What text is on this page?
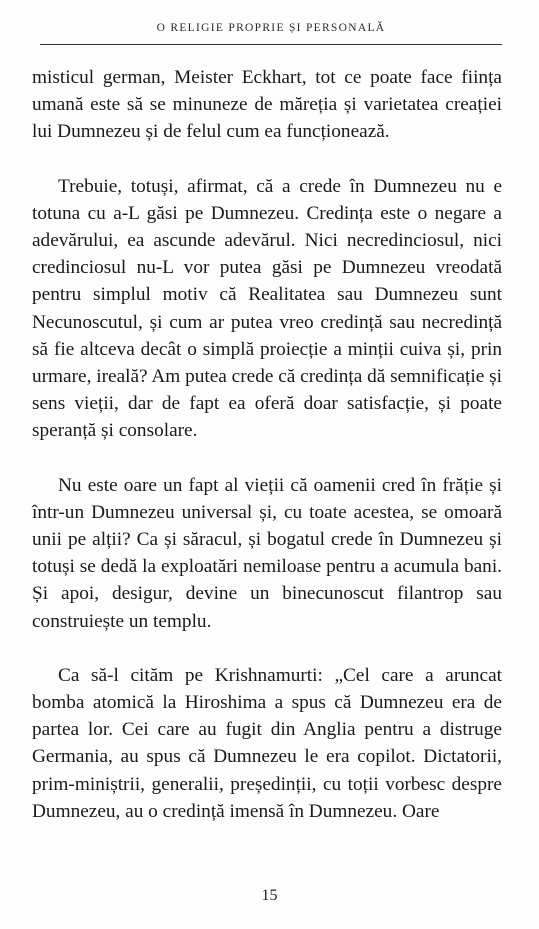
O RELIGIE PROPRIE ȘI PERSONALĂ

misticul german, Meister Eckhart, tot ce poate face ființa umană este să se minuneze de măreția și varietatea creației lui Dumnezeu și de felul cum ea funcționează.

Trebuie, totuși, afirmat, că a crede în Dumnezeu nu e totuna cu a-L găsi pe Dumnezeu. Credința este o negare a adevărului, ea ascunde adevărul. Nici necredinciosul, nici credinciosul nu-L vor putea găsi pe Dumnezeu vreodată pentru simplul motiv că Realitatea sau Dumnezeu sunt Necunoscutul, și cum ar putea vreo credință sau necredință să fie altceva decât o simplă proiecție a minții cuiva și, prin urmare, ireală? Am putea crede că credința dă semnificație și sens vieții, dar de fapt ea oferă doar satisfacție, și poate speranță și consolare.

Nu este oare un fapt al vieții că oamenii cred în frăție și într-un Dumnezeu universal și, cu toate acestea, se omoară unii pe alții? Ca și săracul, și bogatul crede în Dumnezeu și totuși se dedă la exploatări nemiloase pentru a acumula bani. Și apoi, desigur, devine un binecunoscut filantrop sau construiește un templu.

Ca să-l cităm pe Krishnamurti: „Cel care a aruncat bomba atomică la Hiroshima a spus că Dumnezeu era de partea lor. Cei care au fugit din Anglia pentru a distruge Germania, au spus că Dumnezeu le era copilot. Dictatorii, prim-miniștrii, generalii, președinții, cu toții vorbesc despre Dumnezeu, au o credință imensă în Dumnezeu. Oare

15
